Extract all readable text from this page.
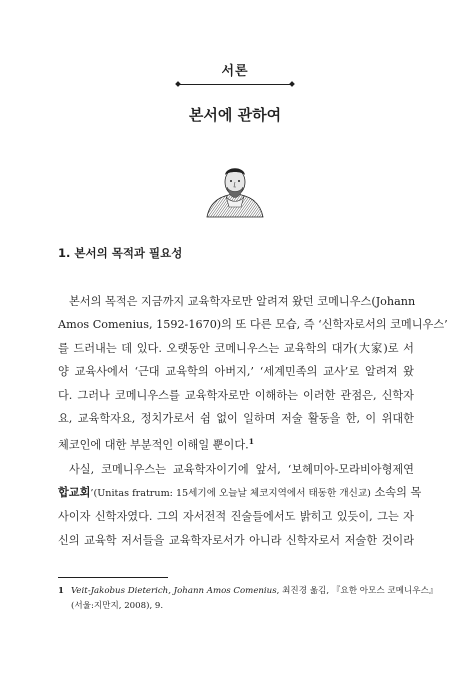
서론
본서에 관하여
1. 본서의 목적과 필요성
본서의 목적은 지금까지 교육학자로만 알려져 왔던 코메니우스(Johann
Amos Comenius, 1592-1670)의 또 다른 모습, 즉 ‘신학자로서의 코메니우스’
를 드러내는 데 있다. 오랫동안 코메니우스는 교육학의 대가(大家)로 서
양 교육사에서 ‘근대 교육학의 아버지,’ ‘세계민족의 교사’로 알려져 왔
다. 그러나 코메니우스를 교육학자로만 이해하는 이러한 관점은, 신학자
요, 교육학자요, 정치가로서 쉼 없이 일하며 저술 활동을 한, 이 위대한
체코인에 대한 부분적인 이해일 뿐이다.$^1$
사실, 코메니우스는 교육학자이기에 앞서, ‘보헤미아-모라비아형제연
합교회’(Unitas fratrum: 15세기에 오늘날 체코지역에서 태동한 개신교) 소속의 목
사이자 신학자였다. 그의 자서전적 진술들에서도 밝히고 있듯이, 그는 자
신의 교육학 저서들을 교육학자로서가 아니라 신학자로서 저술한 것이라
1 Veit-Jakobus Dieterich, Johann Amos Comenius, 최진경 옮김, 『요한 아모스 코메니우스』
(서울:지만지, 2008), 9.
